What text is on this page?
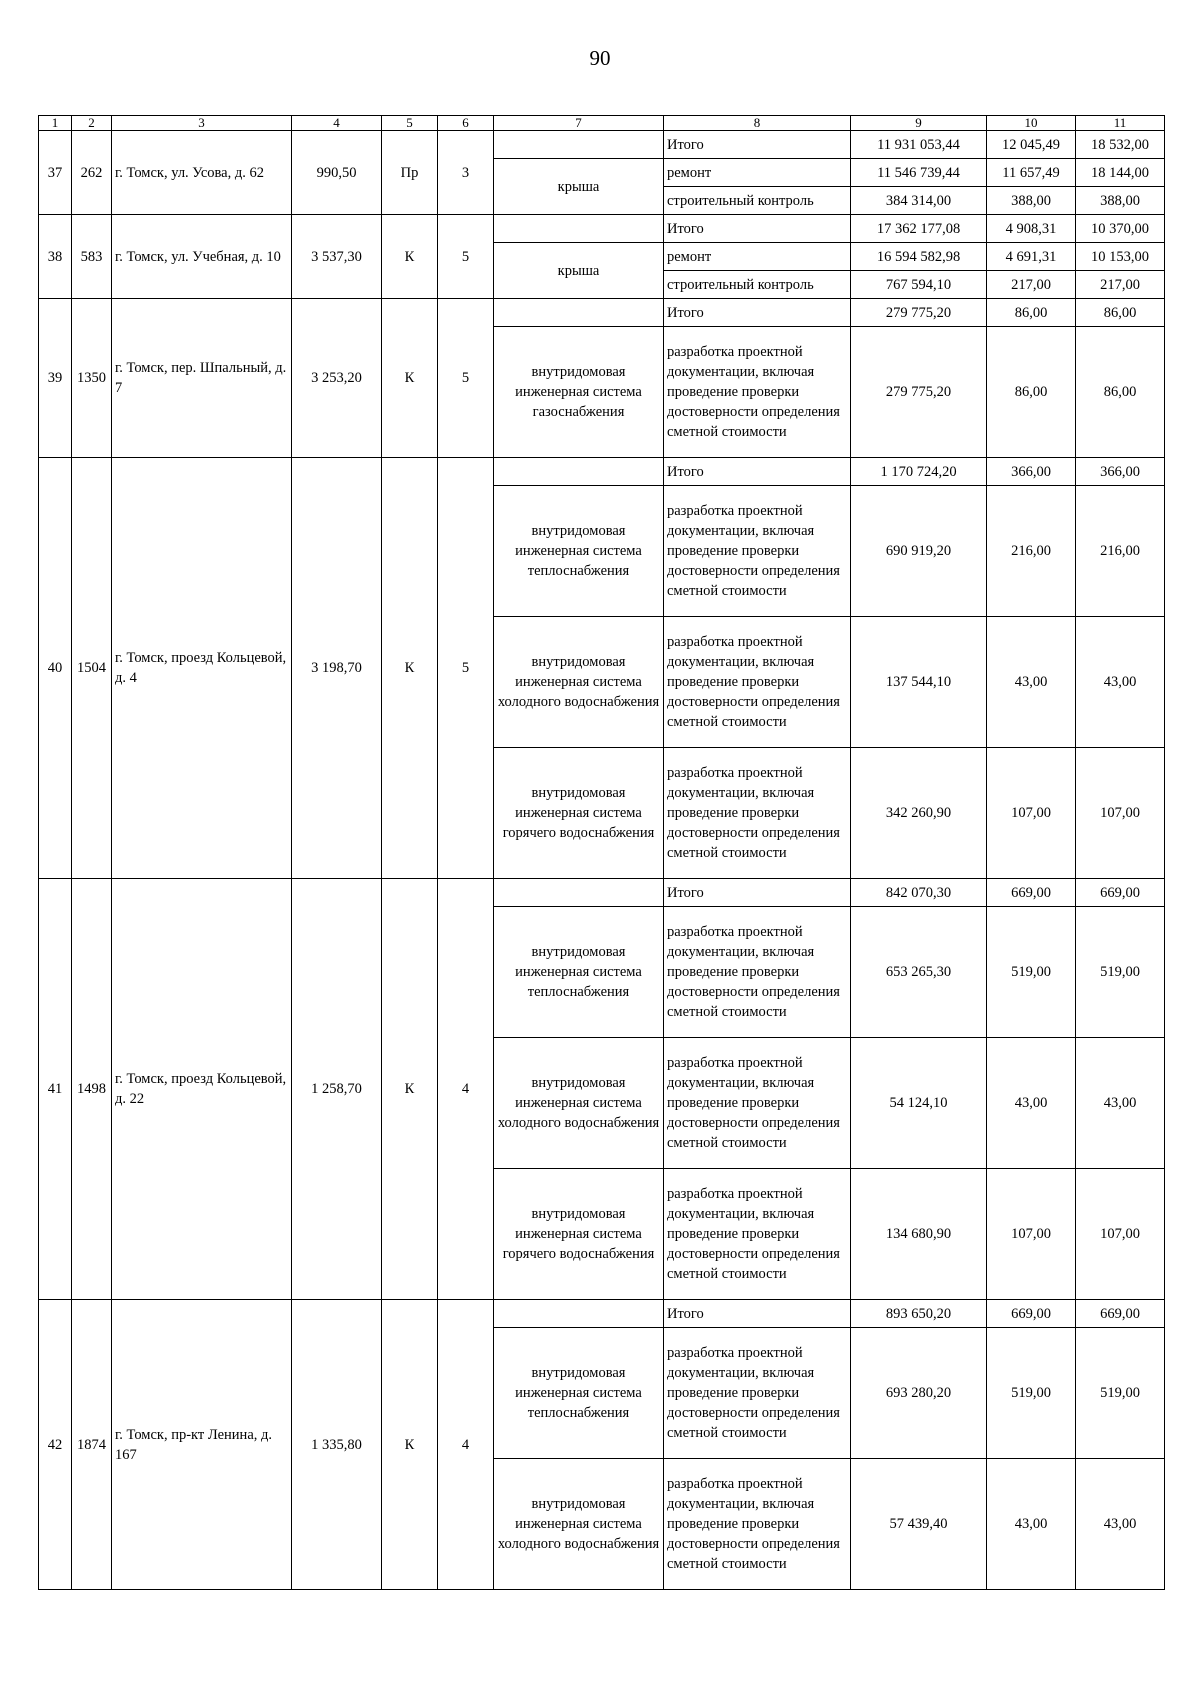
90
1	2	3	4	5	6	7	8	9	10	11
37	262	г. Томск, ул. Усова, д. 62	990,50	Пр	3		Итого	11 931 053,44	12 045,49	18 532,00
						крыша	ремонт	11 546 739,44	11 657,49	18 144,00
							строительный контроль	384 314,00	388,00	388,00
38	583	г. Томск, ул. Учебная, д. 10	3 537,30	К	5		Итого	17 362 177,08	4 908,31	10 370,00
						крыша	ремонт	16 594 582,98	4 691,31	10 153,00
							строительный контроль	767 594,10	217,00	217,00
39	1350	г. Томск, пер. Шпальный, д. 7	3 253,20	К	5		Итого	279 775,20	86,00	86,00
						внутридомовая инженерная система газоснабжения	разработка проектной документации, включая проведение проверки достоверности определения сметной стоимости	279 775,20	86,00	86,00
40	1504	г. Томск, проезд Кольцевой, д. 4	3 198,70	К	5		Итого	1 170 724,20	366,00	366,00
						внутридомовая инженерная система теплоснабжения	разработка проектной документации, включая проведение проверки достоверности определения сметной стоимости	690 919,20	216,00	216,00
						внутридомовая инженерная система холодного водоснабжения	разработка проектной документации, включая проведение проверки достоверности определения сметной стоимости	137 544,10	43,00	43,00
						внутридомовая инженерная система горячего водоснабжения	разработка проектной документации, включая проведение проверки достоверности определения сметной стоимости	342 260,90	107,00	107,00
41	1498	г. Томск, проезд Кольцевой, д. 22	1 258,70	К	4		Итого	842 070,30	669,00	669,00
						внутридомовая инженерная система теплоснабжения	разработка проектной документации, включая проведение проверки достоверности определения сметной стоимости	653 265,30	519,00	519,00
						внутридомовая инженерная система холодного водоснабжения	разработка проектной документации, включая проведение проверки достоверности определения сметной стоимости	54 124,10	43,00	43,00
						внутридомовая инженерная система горячего водоснабжения	разработка проектной документации, включая проведение проверки достоверности определения сметной стоимости	134 680,90	107,00	107,00
42	1874	г. Томск, пр-кт Ленина, д. 167	1 335,80	К	4		Итого	893 650,20	669,00	669,00
						внутридомовая инженерная система теплоснабжения	разработка проектной документации, включая проведение проверки достоверности определения сметной стоимости	693 280,20	519,00	519,00
						внутридомовая инженерная система холодного водоснабжения	разработка проектной документации, включая проведение проверки достоверности определения сметной стоимости	57 439,40	43,00	43,00
